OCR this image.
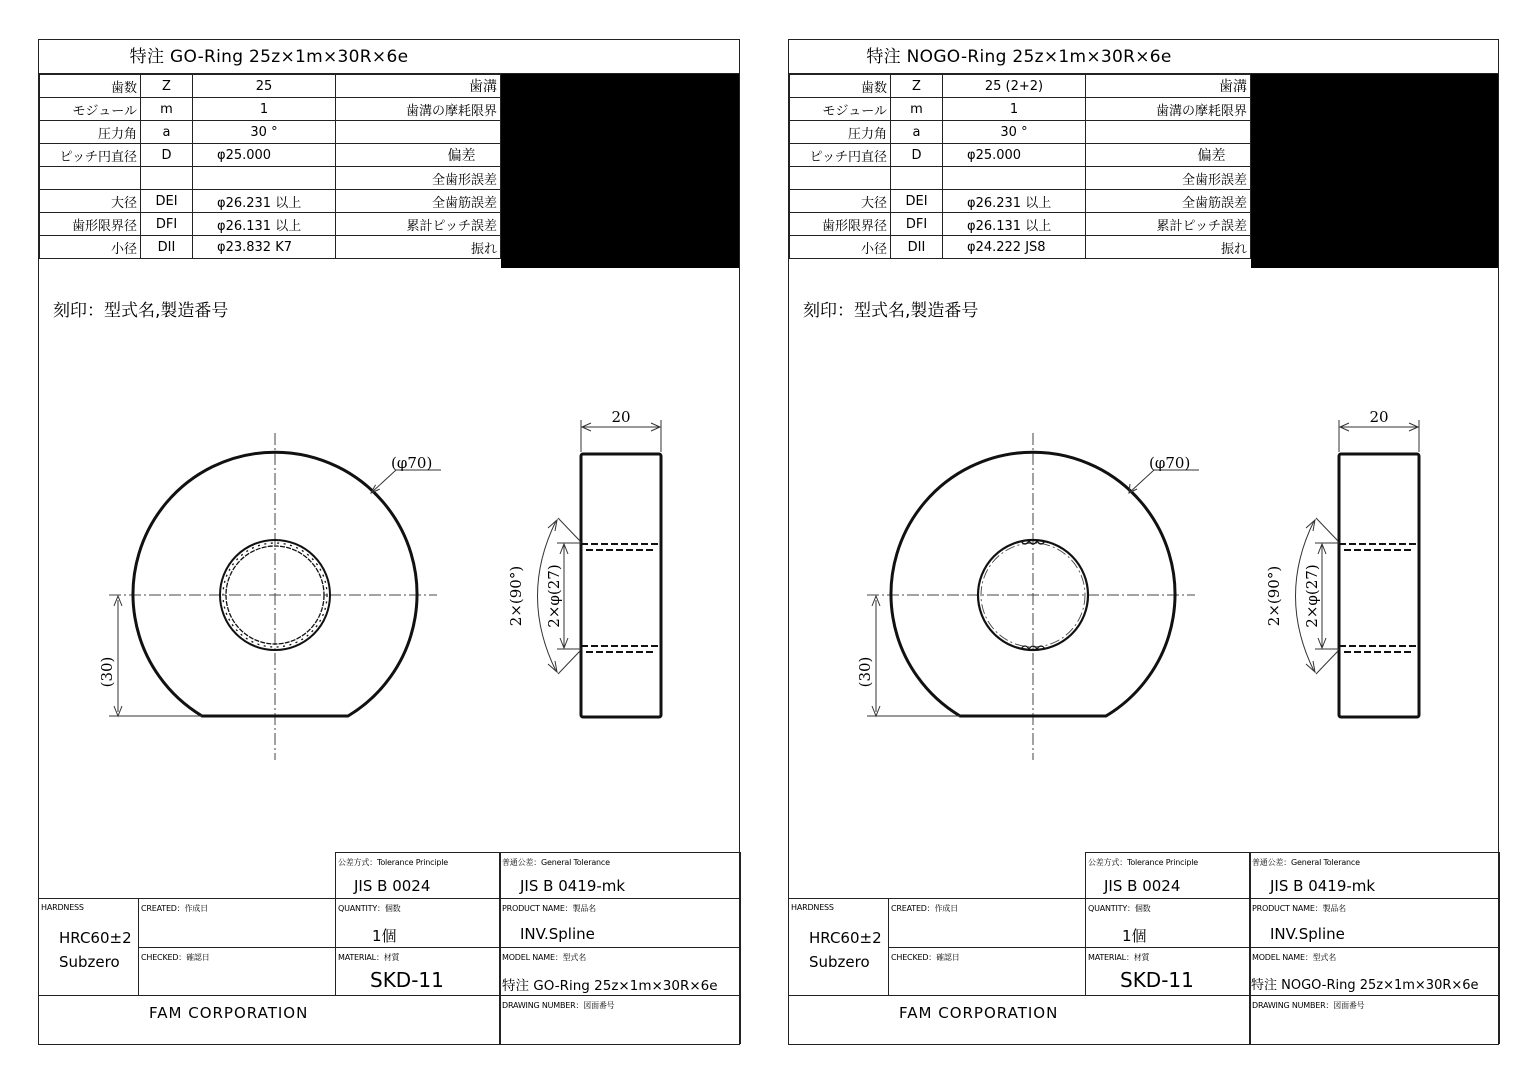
特注 GO-Ring 25z×1m×30R×6e
歯数	Z	25	歯溝
モジュール	m	1	歯溝の摩耗限界
圧力角	a	30 °	
ピッチ円直径	D	φ25.000	偏差
			全歯形誤差
大径	DEI	φ26.231 以上	全歯筋誤差
歯形限界径	DFI	φ26.131 以上	累計ピッチ誤差
小径	DII	φ23.832 K7	振れ
刻印：型式名,製造番号
(φ70)
(30)
20
2×φ(27)
2×(90°)
公差方式：Tolerance Principle
JIS B 0024
普通公差：General Tolerance
JIS B 0419-mk
HARDNESS
HRC60±2
Subzero
CREATED：作成日
CHECKED：確認日
QUANTITY：個数
1個
PRODUCT NAME：製品名
INV.Spline
MATERIAL：材質
SKD-11
MODEL NAME：型式名
特注 GO-Ring 25z×1m×30R×6e
FAM CORPORATION	DRAWING NUMBER：図面番号
特注 NOGO-Ring 25z×1m×30R×6e
歯数	Z	25 (2+2)	歯溝
モジュール	m	1	歯溝の摩耗限界
圧力角	a	30 °	
ピッチ円直径	D	φ25.000	偏差
			全歯形誤差
大径	DEI	φ26.231 以上	全歯筋誤差
歯形限界径	DFI	φ26.131 以上	累計ピッチ誤差
小径	DII	φ24.222 JS8	振れ
刻印：型式名,製造番号
(φ70)
(30)
20
2×φ(27)
2×(90°)
公差方式：Tolerance Principle
JIS B 0024
普通公差：General Tolerance
JIS B 0419-mk
HARDNESS
HRC60±2
Subzero
CREATED：作成日
CHECKED：確認日
QUANTITY：個数
1個
PRODUCT NAME：製品名
INV.Spline
MATERIAL：材質
SKD-11
MODEL NAME：型式名
特注 NOGO-Ring 25z×1m×30R×6e
FAM CORPORATION	DRAWING NUMBER：図面番号
